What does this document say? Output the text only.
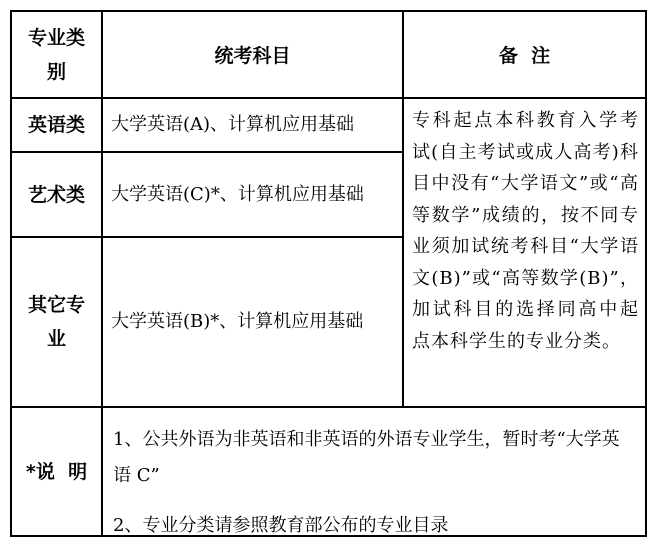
专业类别
统考科目	备  注
英语类 大学英语(A)、计算机应用基础
艺术类 大学英语(C)*、计算机应用基础
其它专业
大学英语(B)*、计算机应用基础
专科起点本科教育入学考试(自主考试或成人高考)科目中没有“大学语文”或“高等数学”成绩的，按不同专业须加试统考科目“大学语文(B)”或“高等数学(B)”，加试科目的选择同高中起点本科学生的专业分类。
*说  明

1、公共外语为非英语和非英语的外语专业学生，暂时考“大学英语 C”

2、专业分类请参照教育部公布的专业目录
